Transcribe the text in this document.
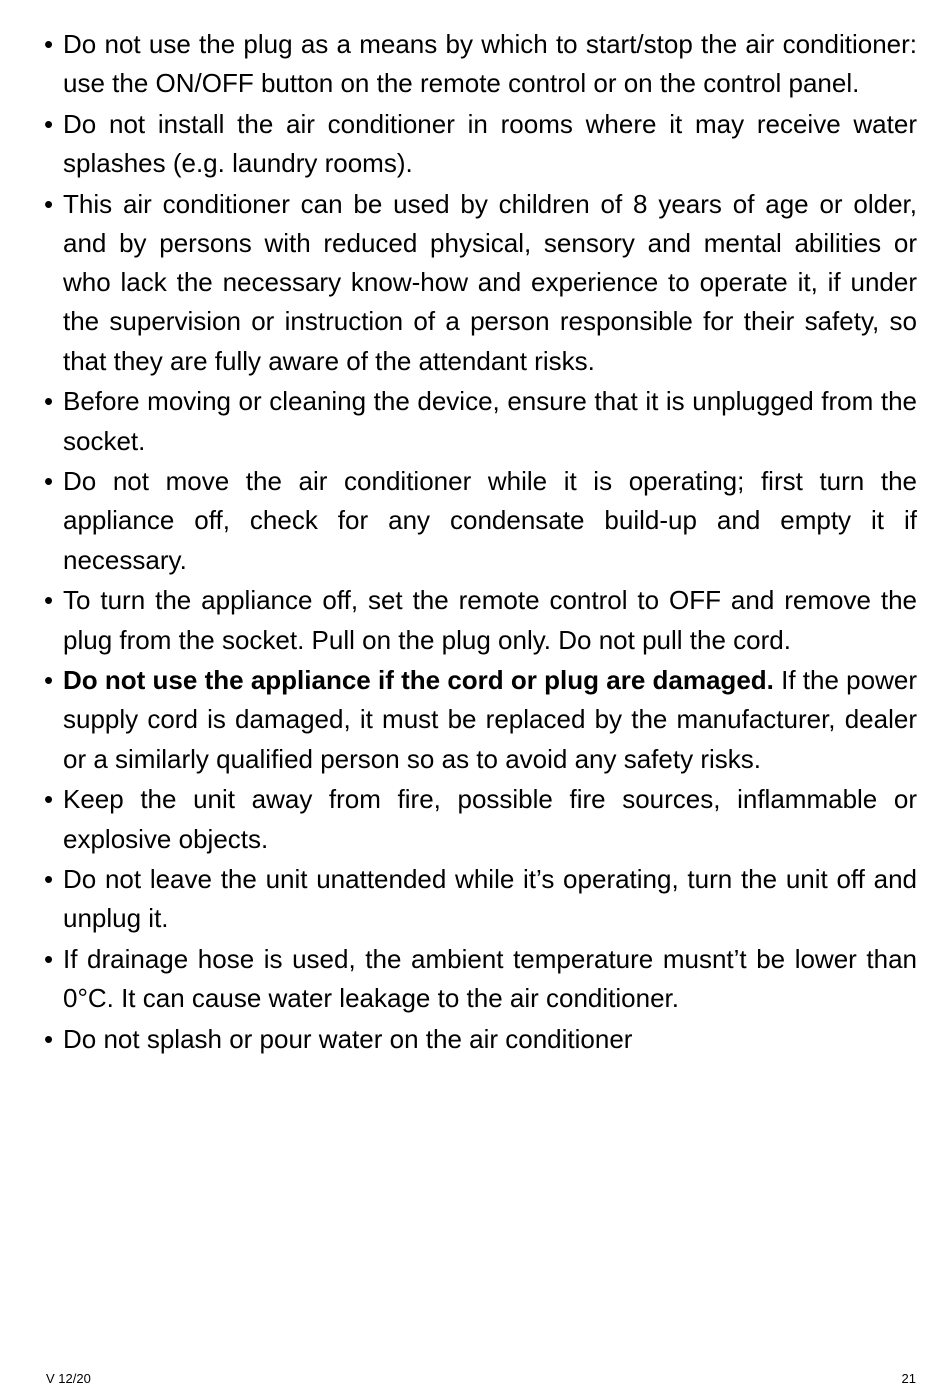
• Do not use the plug as a means by which to start/stop the air conditioner: use the ON/OFF button on the remote control or on the control panel.
• Do not install the air conditioner in rooms where it may receive water splashes (e.g. laundry rooms).
• This air conditioner can be used by children of 8 years of age or older, and by persons with reduced physical, sensory and mental abilities or who lack the necessary know-how and experience to operate it, if under the supervision or instruction of a person responsible for their safety, so that they are fully aware of the attendant risks.
• Before moving or cleaning the device, ensure that it is unplugged from the socket.
• Do not move the air conditioner while it is operating; first turn the appliance off, check for any condensate build-up and empty it if necessary.
• To turn the appliance off, set the remote control to OFF and remove the plug from the socket. Pull on the plug only. Do not pull the cord.
• Do not use the appliance if the cord or plug are damaged. If the power supply cord is damaged, it must be replaced by the manufacturer, dealer or a similarly qualified person so as to avoid any safety risks.
• Keep the unit away from fire, possible fire sources, inflammable or explosive objects.
• Do not leave the unit unattended while it’s operating, turn the unit off and unplug it.
• If drainage hose is used, the ambient temperature musnt’t be lower than 0°C. It can cause water leakage to the air conditioner.
• Do not splash or pour water on the air conditioner
V 12/20	21
